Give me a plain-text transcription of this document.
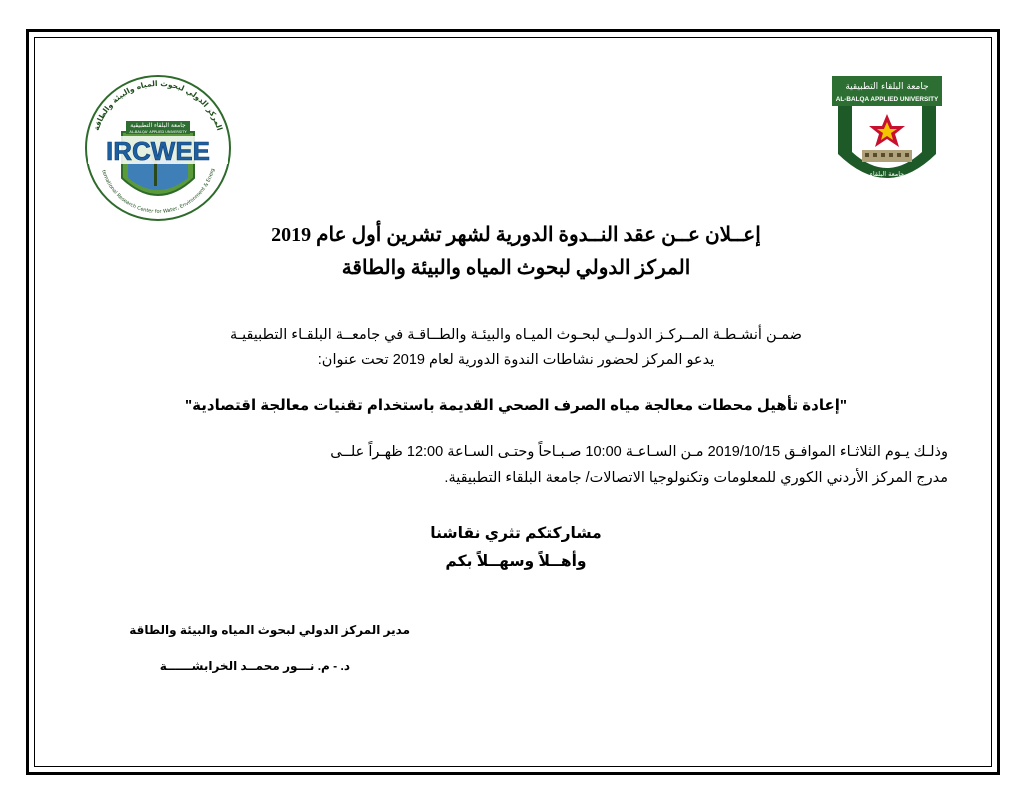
المركز الدولي لبحوث المياه والبيئة والطاقة
ternational Research Center for Water, Environment & Energ
جامعة البلقاء التطبيقية
AL-BALQA' APPLIED UNIVERSITY
IRCWEE
جامعة البلقاء التطبيقية
AL-BALQA APPLIED UNIVERSITY
جامعة البلقاء
إعــلان عــن عقد النــدوة الدورية لشهر تشرين أول عام 2019
المركز الدولي لبحوث المياه والبيئة والطاقة
ضمـن أنشـطـة المــركـز الدولــي لبحـوث الميـاه والبيئـة والطــاقـة في جامعــة البلقـاء التطبيقيـة
يدعو المركز لحضور نشاطات الندوة الدورية لعام 2019 تحت عنوان:
"إعادة تأهيل محطات معالجة مياه الصرف الصحي القديمة باستخدام تقنيات معالجة اقتصادية"
وذلـك يـوم الثلاثـاء الموافـق 2019/10/15 مـن السـاعـة 10:00 صـبـاحاً وحتـى السـاعة 12:00 ظهـراً علــى
مدرج المركز الأردني الكوري للمعلومات وتكنولوجيا الاتصالات/ جامعة البلقاء التطبيقية.
مشاركتكم تثري نقاشنا
وأهــلاً وسهــلاً بكم
مدير المركز الدولي لبحوث المياه والبيئة والطاقة
د. - م. نـــور محمــد الخرابشــــــة
